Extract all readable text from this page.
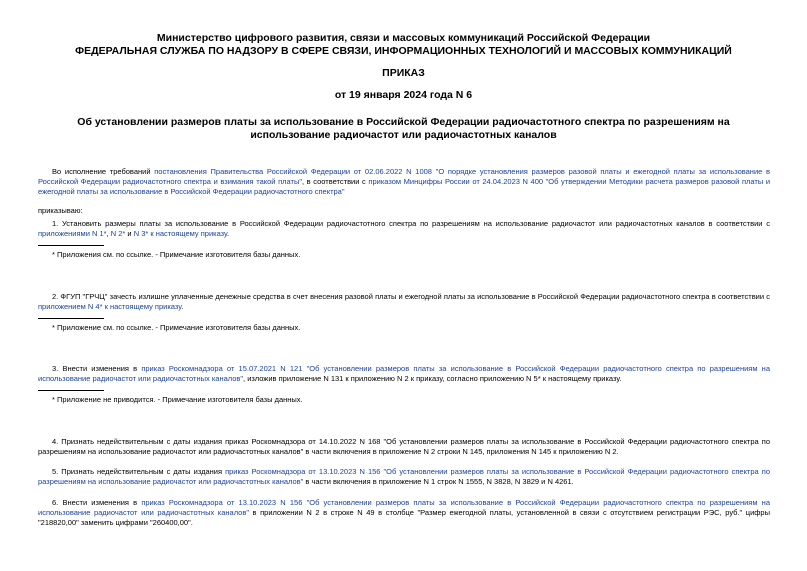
Министерство цифрового развития, связи и массовых коммуникаций Российской Федерации

ФЕДЕРАЛЬНАЯ СЛУЖБА ПО НАДЗОРУ В СФЕРЕ СВЯЗИ, ИНФОРМАЦИОННЫХ ТЕХНОЛОГИЙ И МАССОВЫХ КОММУНИКАЦИЙ

ПРИКАЗ

от 19 января 2024 года N 6

Об установлении размеров платы за использование в Российской Федерации радиочастотного спектра по разрешениям на использование радиочастот или радиочастотных каналов

Во исполнение требований постановления Правительства Российской Федерации от 02.06.2022 N 1008 "О порядке установления размеров разовой платы и ежегодной платы за использование в Российской Федерации радиочастотного спектра и взимания такой платы", в соответствии с приказом Минцифры России от 24.04.2023 N 400 "Об утверждении Методики расчета размеров разовой платы и ежегодной платы за использование в Российской Федерации радиочастотного спектра"

приказываю:

1. Установить размеры платы за использование в Российской Федерации радиочастотного спектра по разрешениям на использование радиочастот или радиочастотных каналов в соответствии с приложениями N 1*, N 2* и N 3* к настоящему приказу.

* Приложения см. по ссылке. - Примечание изготовителя базы данных.

2. ФГУП "ГРЧЦ" зачесть излишне уплаченные денежные средства в счет внесения разовой платы и ежегодной платы за использование в Российской Федерации радиочастотного спектра в соответствии с приложением N 4* к настоящему приказу.

* Приложение см. по ссылке. - Примечание изготовителя базы данных.

3. Внести изменения в приказ Роскомнадзора от 15.07.2021 N 121 "Об установлении размеров платы за использование в Российской Федерации радиочастотного спектра по разрешениям на использование радиочастот или радиочастотных каналов", изложив приложение N 131 к приложению N 2 к приказу, согласно приложению N 5* к настоящему приказу.

* Приложение не приводится. - Примечание изготовителя базы данных.

4. Признать недействительным с даты издания приказ Роскомнадзора от 14.10.2022 N 168 "Об установлении размеров платы за использование в Российской Федерации радиочастотного спектра по разрешениям на использование радиочастот или радиочастотных каналов" в части включения в приложение N 2 строки N 145, приложения N 145 к приложению N 2.

5. Признать недействительным с даты издания приказ Роскомнадзора от 13.10.2023 N 156 "Об установлении размеров платы за использование в Российской Федерации радиочастотного спектра по разрешениям на использование радиочастот или радиочастотных каналов" в части включения в приложение N 1 строк N 1555, N 3828, N 3829 и N 4261.

6. Внести изменения в приказ Роскомнадзора от 13.10.2023 N 156 "Об установлении размеров платы за использование в Российской Федерации радиочастотного спектра по разрешениям на использование радиочастот или радиочастотных каналов" в приложении N 2 в строке N 49 в столбце "Размер ежегодной платы, установленной в связи с отсутствием регистрации РЭС, руб." цифры "218820,00" заменить цифрами "260400,00".
